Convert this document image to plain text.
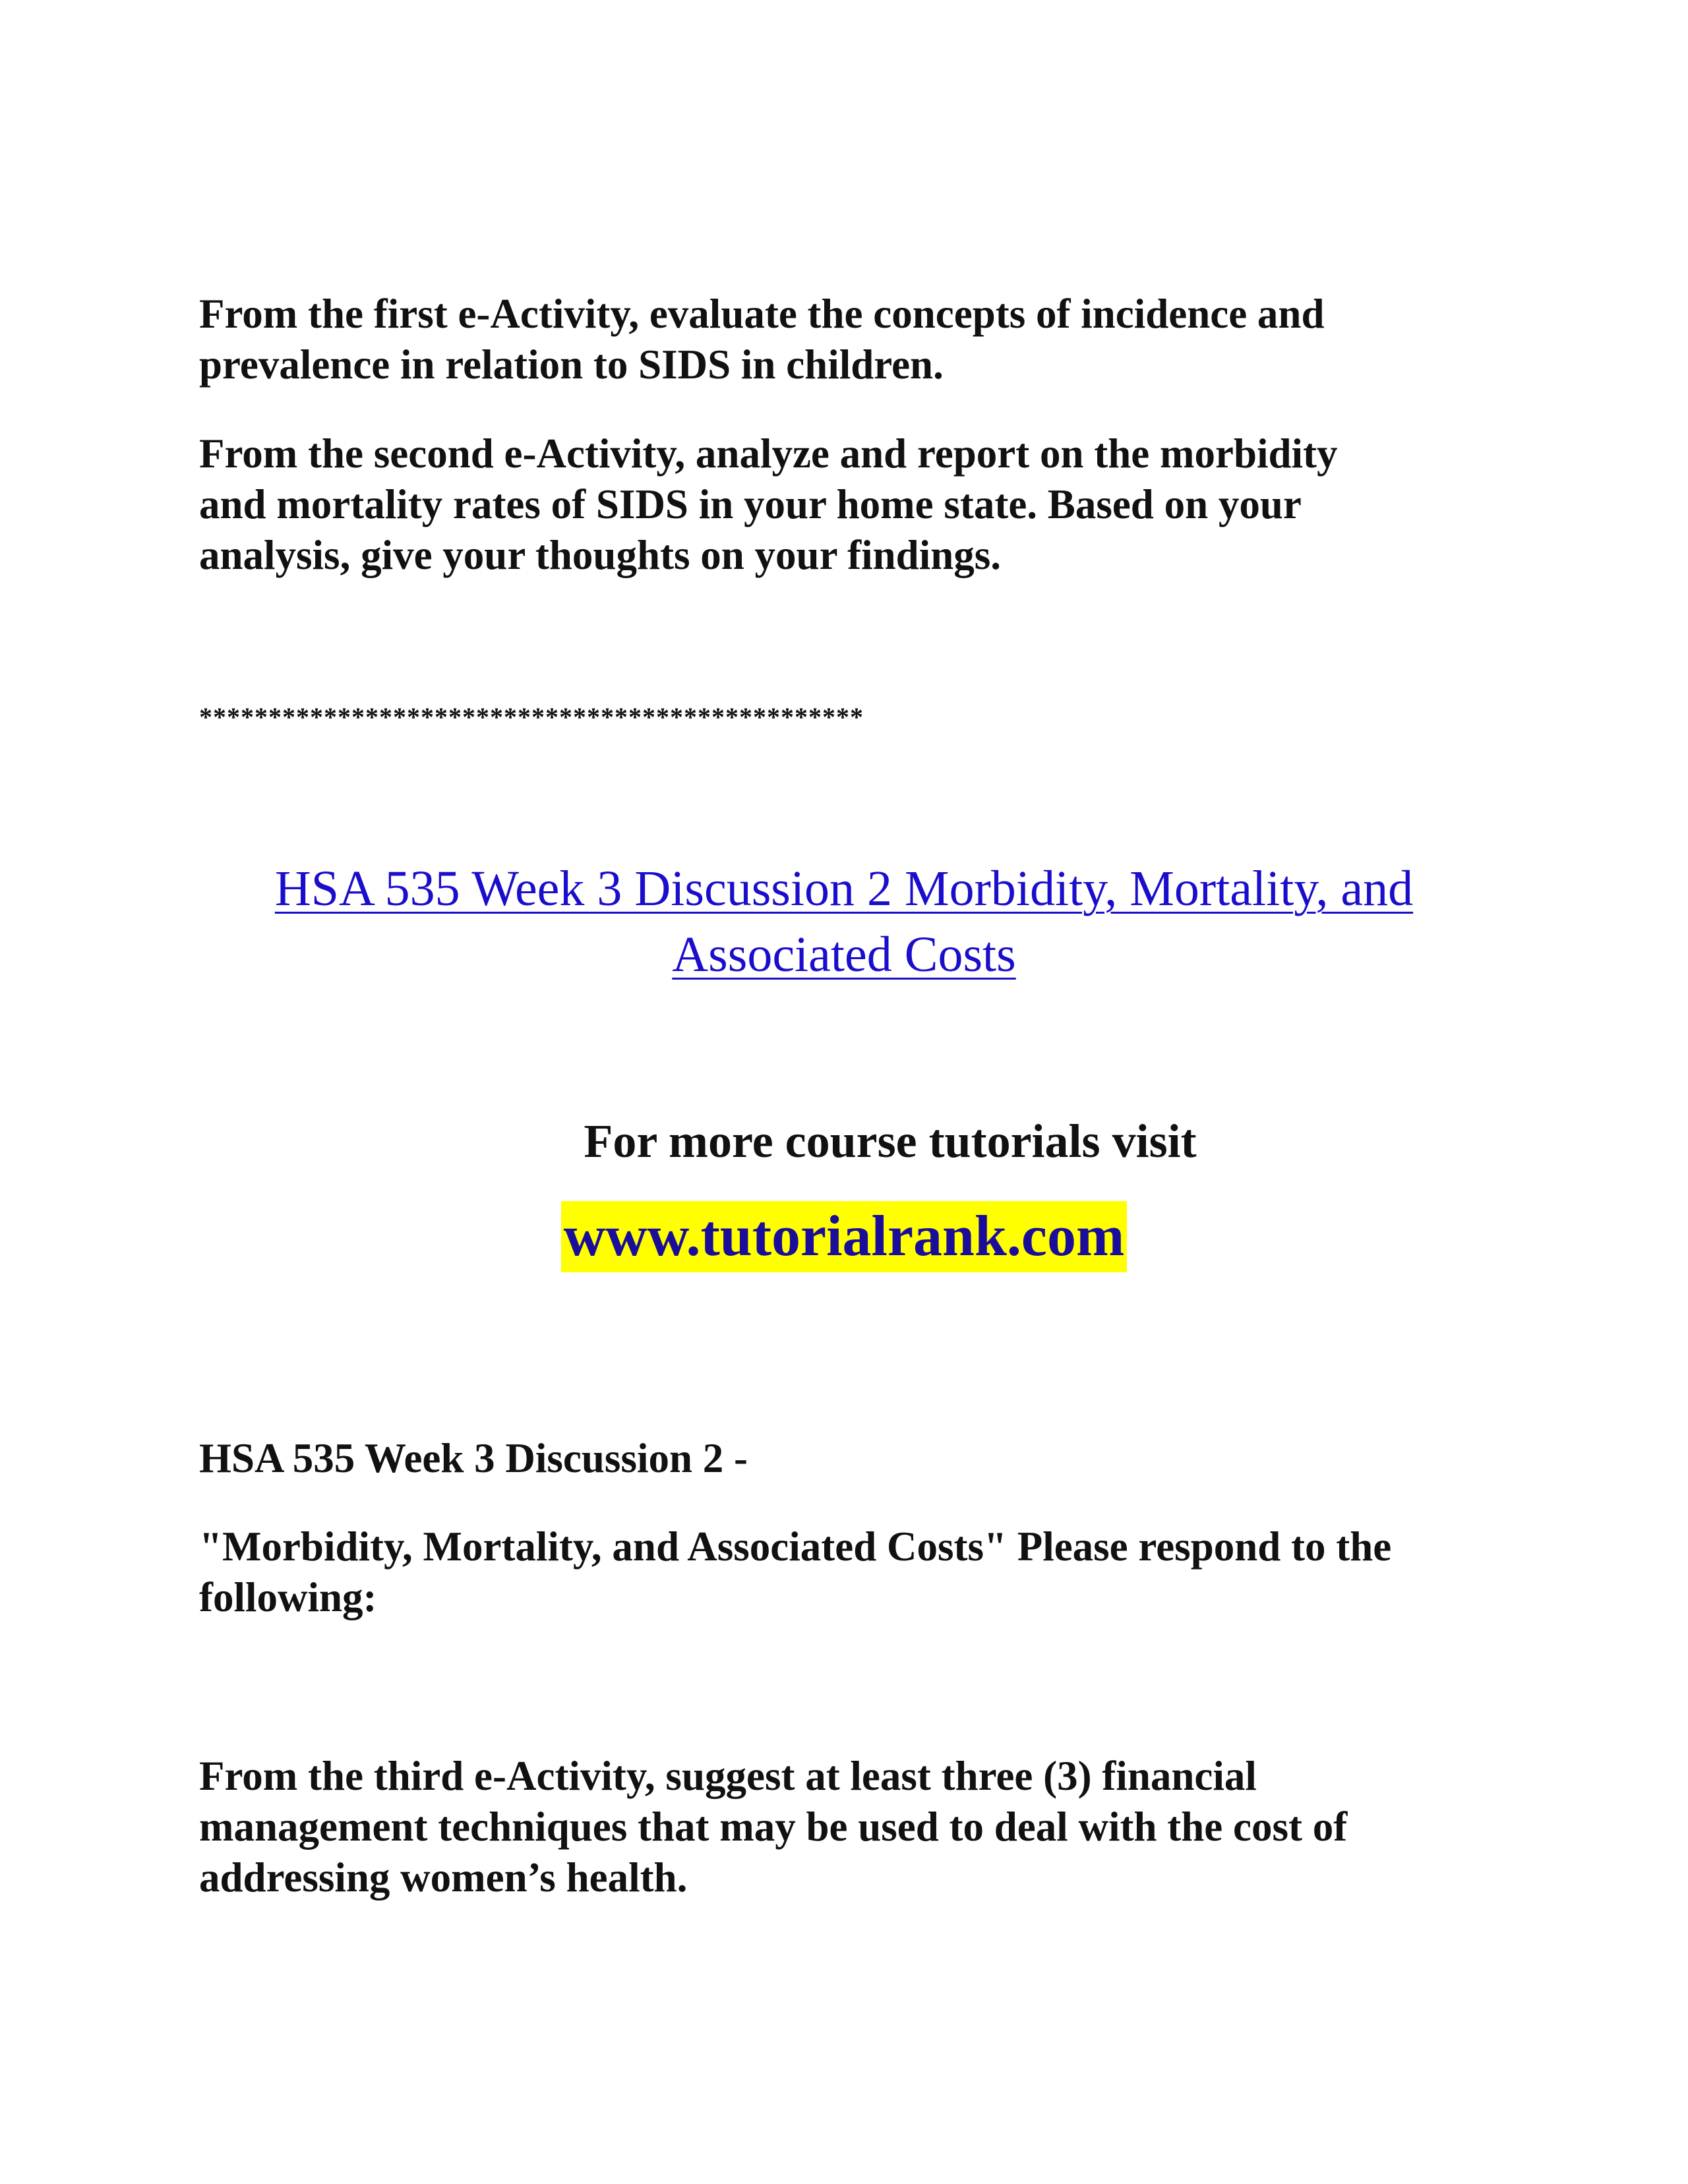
From the first e-Activity, evaluate the concepts of incidence and
prevalence in relation to SIDS in children.

From the second e-Activity, analyze and report on the morbidity
and mortality rates of SIDS in your home state. Based on your
analysis, give your thoughts on your findings.

************************************************

HSA 535 Week 3 Discussion 2 Morbidity, Mortality, and
Associated Costs

For more course tutorials visit

www.tutorialrank.com

HSA 535 Week 3 Discussion 2 -

"Morbidity, Mortality, and Associated Costs" Please respond to the
following:

From the third e-Activity, suggest at least three (3) financial
management techniques that may be used to deal with the cost of
addressing women’s health.
